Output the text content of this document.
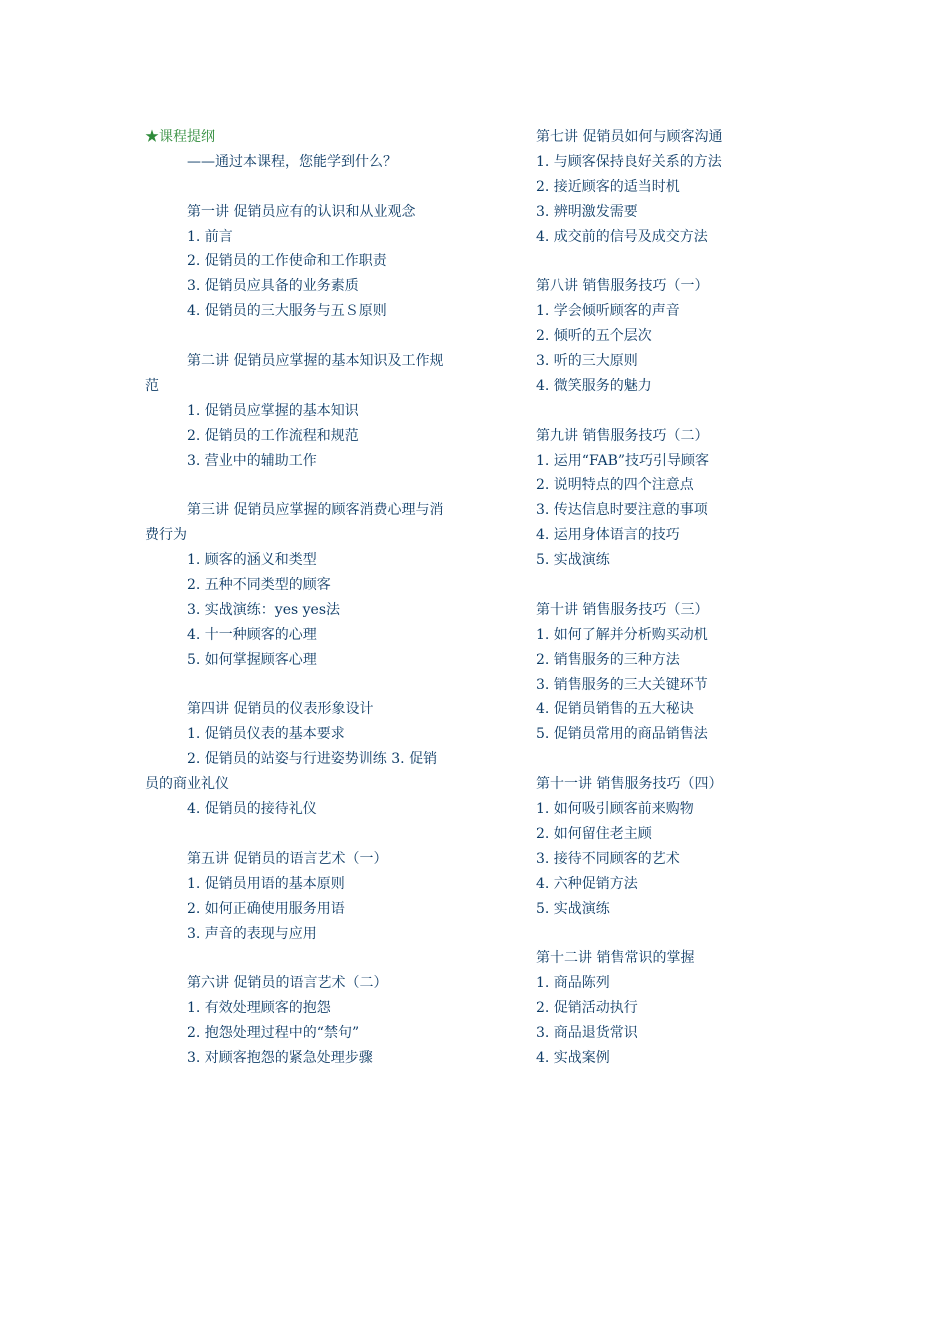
★课程提纲
——通过本课程，您能学到什么？
第一讲 促销员应有的认识和从业观念
1. 前言
2. 促销员的工作使命和工作职责
3. 促销员应具备的业务素质
4. 促销员的三大服务与五Ｓ原则
第二讲 促销员应掌握的基本知识及工作规
范
1. 促销员应掌握的基本知识
2. 促销员的工作流程和规范
3. 营业中的辅助工作
第三讲 促销员应掌握的顾客消费心理与消
费行为
1. 顾客的涵义和类型
2. 五种不同类型的顾客
3. 实战演练：yes yes法
4. 十一种顾客的心理
5. 如何掌握顾客心理
第四讲 促销员的仪表形象设计
1. 促销员仪表的基本要求
2. 促销员的站姿与行进姿势训练 3. 促销
员的商业礼仪
4. 促销员的接待礼仪
第五讲 促销员的语言艺术（一）
1. 促销员用语的基本原则
2. 如何正确使用服务用语
3. 声音的表现与应用
第六讲 促销员的语言艺术（二）
1. 有效处理顾客的抱怨
2. 抱怨处理过程中的“禁句”
3. 对顾客抱怨的紧急处理步骤
第七讲 促销员如何与顾客沟通
1. 与顾客保持良好关系的方法
2. 接近顾客的适当时机
3. 辨明激发需要
4. 成交前的信号及成交方法
第八讲 销售服务技巧（一）
1. 学会倾听顾客的声音
2. 倾听的五个层次
3. 听的三大原则
4. 微笑服务的魅力
第九讲 销售服务技巧（二）
1. 运用“FAB”技巧引导顾客
2. 说明特点的四个注意点
3. 传达信息时要注意的事项
4. 运用身体语言的技巧
5. 实战演练
第十讲 销售服务技巧（三）
1. 如何了解并分析购买动机
2. 销售服务的三种方法
3. 销售服务的三大关键环节
4. 促销员销售的五大秘诀
5. 促销员常用的商品销售法
第十一讲 销售服务技巧（四）
1. 如何吸引顾客前来购物
2. 如何留住老主顾
3. 接待不同顾客的艺术
4. 六种促销方法
5. 实战演练
第十二讲 销售常识的掌握
1. 商品陈列
2. 促销活动执行
3. 商品退货常识
4. 实战案例
